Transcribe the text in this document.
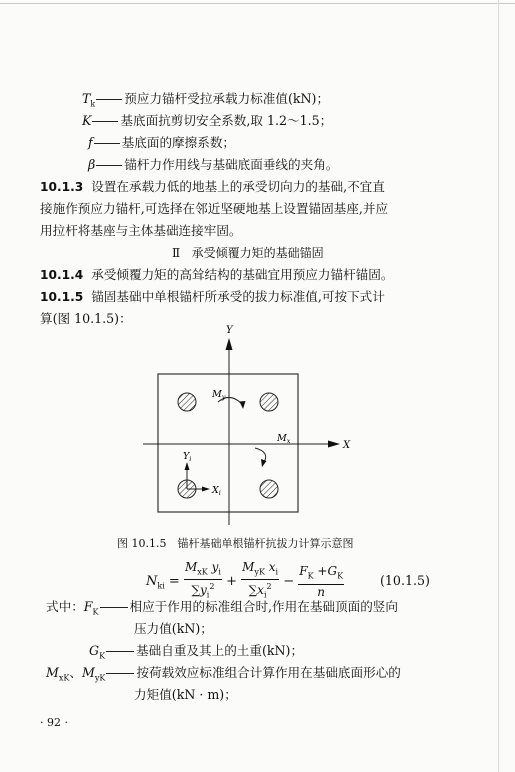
$T_k$ 预应力锚杆受拉承载力标准值(kN)；
K 基底面抗剪切安全系数,取 1.2～1.5；
f 基底面的摩擦系数；
β 锚杆力作用线与基础底面垂线的夹角。
10.1.3 设置在承载力低的地基上的承受切向力的基础,不宜直
接施作预应力锚杆,可选择在邻近坚硬地基上设置锚固基座,并应
用拉杆将基座与主体基础连接牢固。
Ⅱ 承受倾覆力矩的基础锚固
10.1.4 承受倾覆力矩的高耸结构的基础宜用预应力锚杆锚固。
10.1.5 锚固基础中单根锚杆所承受的拔力标准值,可按下式计
算(图 10.1.5)：
Y
X
$M_y$
$M_x$
$Y_i$
$X_i$
图 10.1.5　锚杆基础单根锚杆抗拔力计算示意图
$N_{ki} = \frac{M_{xK} y_i}{\sum y_i^2} + \frac{M_{yK} x_i}{\sum x_i^2} - \frac{F_K +G_K}{n}$	(10.1.5)
式中：$F_K$ 相应于作用的标准组合时,作用在基础顶面的竖向
压力值(kN)；
$G_K$ 基础自重及其上的土重(kN)；
$M_{xK}$、$M_{yK}$ 按荷载效应标准组合计算作用在基础底面形心的
力矩值(kN · m)；
· 92 ·
